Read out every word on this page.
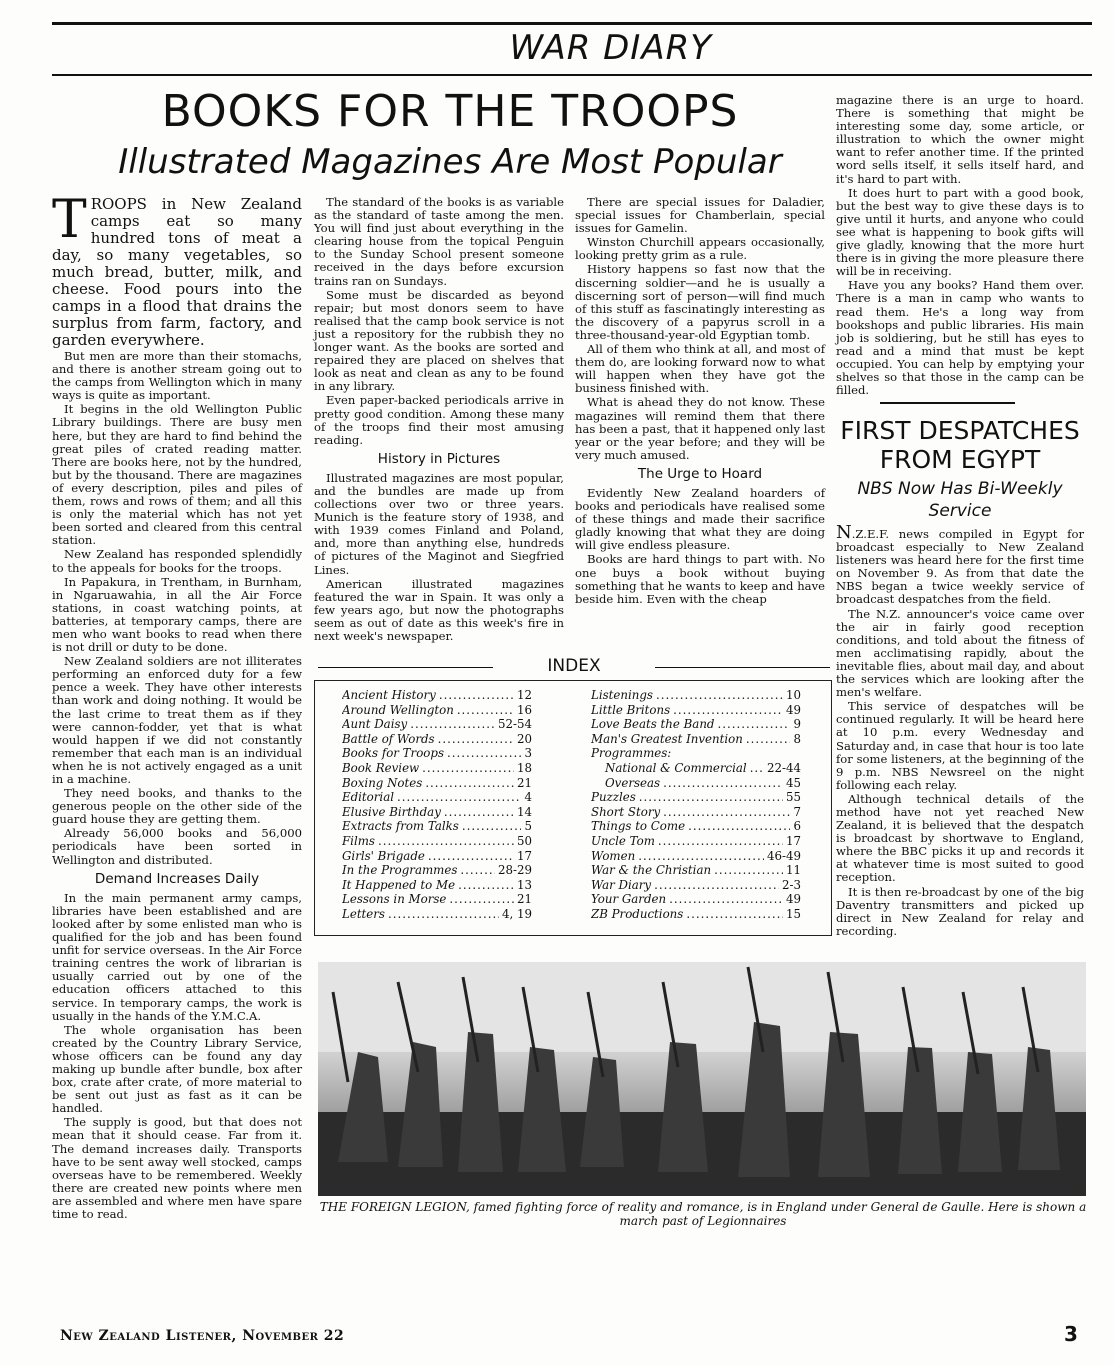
WAR DIARY
BOOKS FOR THE TROOPS
Illustrated Magazines Are Most Popular

TROOPS in New Zealand camps eat so many hundred tons of meat a day, so many vegetables, so much bread, butter, milk, and cheese. Food pours into the camps in a flood that drains the surplus from farm, factory, and garden everywhere.

But men are more than their stomachs, and there is another stream going out to the camps from Wellington which in many ways is quite as important.

It begins in the old Wellington Public Library buildings. There are busy men here, but they are hard to find behind the great piles of crated reading matter. There are books here, not by the hundred, but by the thousand. There are magazines of every description, piles and piles of them, rows and rows of them; and all this is only the material which has not yet been sorted and cleared from this central station.

New Zealand has responded splendidly to the appeals for books for the troops.

In Papakura, in Trentham, in Burnham, in Ngaruawahia, in all the Air Force stations, in coast watching points, at batteries, at temporary camps, there are men who want books to read when there is not drill or duty to be done.

New Zealand soldiers are not illiterates performing an enforced duty for a few pence a week. They have other interests than work and doing nothing. It would be the last crime to treat them as if they were cannon-fodder, yet that is what would happen if we did not constantly remember that each man is an individual when he is not actively engaged as a unit in a machine.

They need books, and thanks to the generous people on the other side of the guard house they are getting them.

Already 56,000 books and 56,000 periodicals have been sorted in Wellington and distributed.

Demand Increases Daily

In the main permanent army camps, libraries have been established and are looked after by some enlisted man who is qualified for the job and has been found unfit for service overseas. In the Air Force training centres the work of librarian is usually carried out by one of the education officers attached to this service. In temporary camps, the work is usually in the hands of the Y.M.C.A.

The whole organisation has been created by the Country Library Service, whose officers can be found any day making up bundle after bundle, box after box, crate after crate, of more material to be sent out just as fast as it can be handled.

The supply is good, but that does not mean that it should cease. Far from it. The demand increases daily. Transports have to be sent away well stocked, camps overseas have to be remembered. Weekly there are created new points where men are assembled and where men have spare time to read.

The standard of the books is as variable as the standard of taste among the men. You will find just about everything in the clearing house from the topical Penguin to the Sunday School present someone received in the days before excursion trains ran on Sundays.

Some must be discarded as beyond repair; but most donors seem to have realised that the camp book service is not just a repository for the rubbish they no longer want. As the books are sorted and repaired they are placed on shelves that look as neat and clean as any to be found in any library.

Even paper-backed periodicals arrive in pretty good condition. Among these many of the troops find their most amusing reading.

History in Pictures

Illustrated magazines are most popular, and the bundles are made up from collections over two or three years. Munich is the feature story of 1938, and with 1939 comes Finland and Poland, and, more than anything else, hundreds of pictures of the Maginot and Siegfried Lines.

American illustrated magazines featured the war in Spain. It was only a few years ago, but now the photographs seem as out of date as this week's fire in next week's newspaper.

There are special issues for Daladier, special issues for Chamberlain, special issues for Gamelin.

Winston Churchill appears occasionally, looking pretty grim as a rule.

History happens so fast now that the discerning soldier—and he is usually a discerning sort of person—will find much of this stuff as fascinatingly interesting as the discovery of a papyrus scroll in a three-thousand-year-old Egyptian tomb.

All of them who think at all, and most of them do, are looking forward now to what will happen when they have got the business finished with.

What is ahead they do not know. These magazines will remind them that there has been a past, that it happened only last year or the year before; and they will be very much amused.

The Urge to Hoard

Evidently New Zealand hoarders of books and periodicals have realised some of these things and made their sacrifice gladly knowing that what they are doing will give endless pleasure.

Books are hard things to part with. No one buys a book without buying something that he wants to keep and have beside him. Even with the cheap

magazine there is an urge to hoard. There is something that might be interesting some day, some article, or illustration to which the owner might want to refer another time. If the printed word sells itself, it sells itself hard, and it's hard to part with.

It does hurt to part with a good book, but the best way to give these days is to give until it hurts, and anyone who could see what is happening to book gifts will give gladly, knowing that the more hurt there is in giving the more pleasure there will be in receiving.

Have you any books? Hand them over. There is a man in camp who wants to read them. He's a long way from bookshops and public libraries. His main job is soldiering, but he still has eyes to read and a mind that must be kept occupied. You can help by emptying your shelves so that those in the camp can be filled.

FIRST DESPATCHES FROM EGYPT
NBS Now Has Bi-Weekly Service

N.Z.E.F. news compiled in Egypt for broadcast especially to New Zealand listeners was heard here for the first time on November 9. As from that date the NBS began a twice weekly service of broadcast despatches from the field.

The N.Z. announcer's voice came over the air in fairly good reception conditions, and told about the fitness of men acclimatising rapidly, about the inevitable flies, about mail day, and about the services which are looking after the men's welfare.

This service of despatches will be continued regularly. It will be heard here at 10 p.m. every Wednesday and Saturday and, in case that hour is too late for some listeners, at the beginning of the 9 p.m. NBS Newsreel on the night following each relay.

Although technical details of the method have not yet reached New Zealand, it is believed that the despatch is broadcast by shortwave to England, where the BBC picks it up and records it at whatever time is most suited to good reception.

It is then re-broadcast by one of the big Daventry transmitters and picked up direct in New Zealand for relay and recording.

INDEX
Ancient History .....	12
Around Wellington .....	16
Aunt Daisy .....	52-54
Battle of Words .....	20
Books for Troops .....	3
Book Review .....	18
Boxing Notes .....	21
Editorial .....	4
Elusive Birthday .....	14
Extracts from Talks .....	5
Films .....	50
Girls' Brigade .....	17
In the Programmes .....	28-29
It Happened to Me .....	13
Lessons in Morse .....	21
Letters .....	4, 19
Listenings .....	10
Little Britons .....	49
Love Beats the Band .....	9
Man's Greatest Invention .....	8
Programmes:
National & Commercial ..... 22-44
Overseas .....	45
Puzzles .....	55
Short Story .....	7
Things to Come .....	6
Uncle Tom .....	17
Women .....	46-49
War & the Christian .....	11
War Diary .....	2-3
Your Garden .....	49
ZB Productions .....	15
THE FOREIGN LEGION, famed fighting force of reality and romance, is in England under General de Gaulle. Here is shown a march past of Legionnaires
New Zealand Listener, November 22	3
